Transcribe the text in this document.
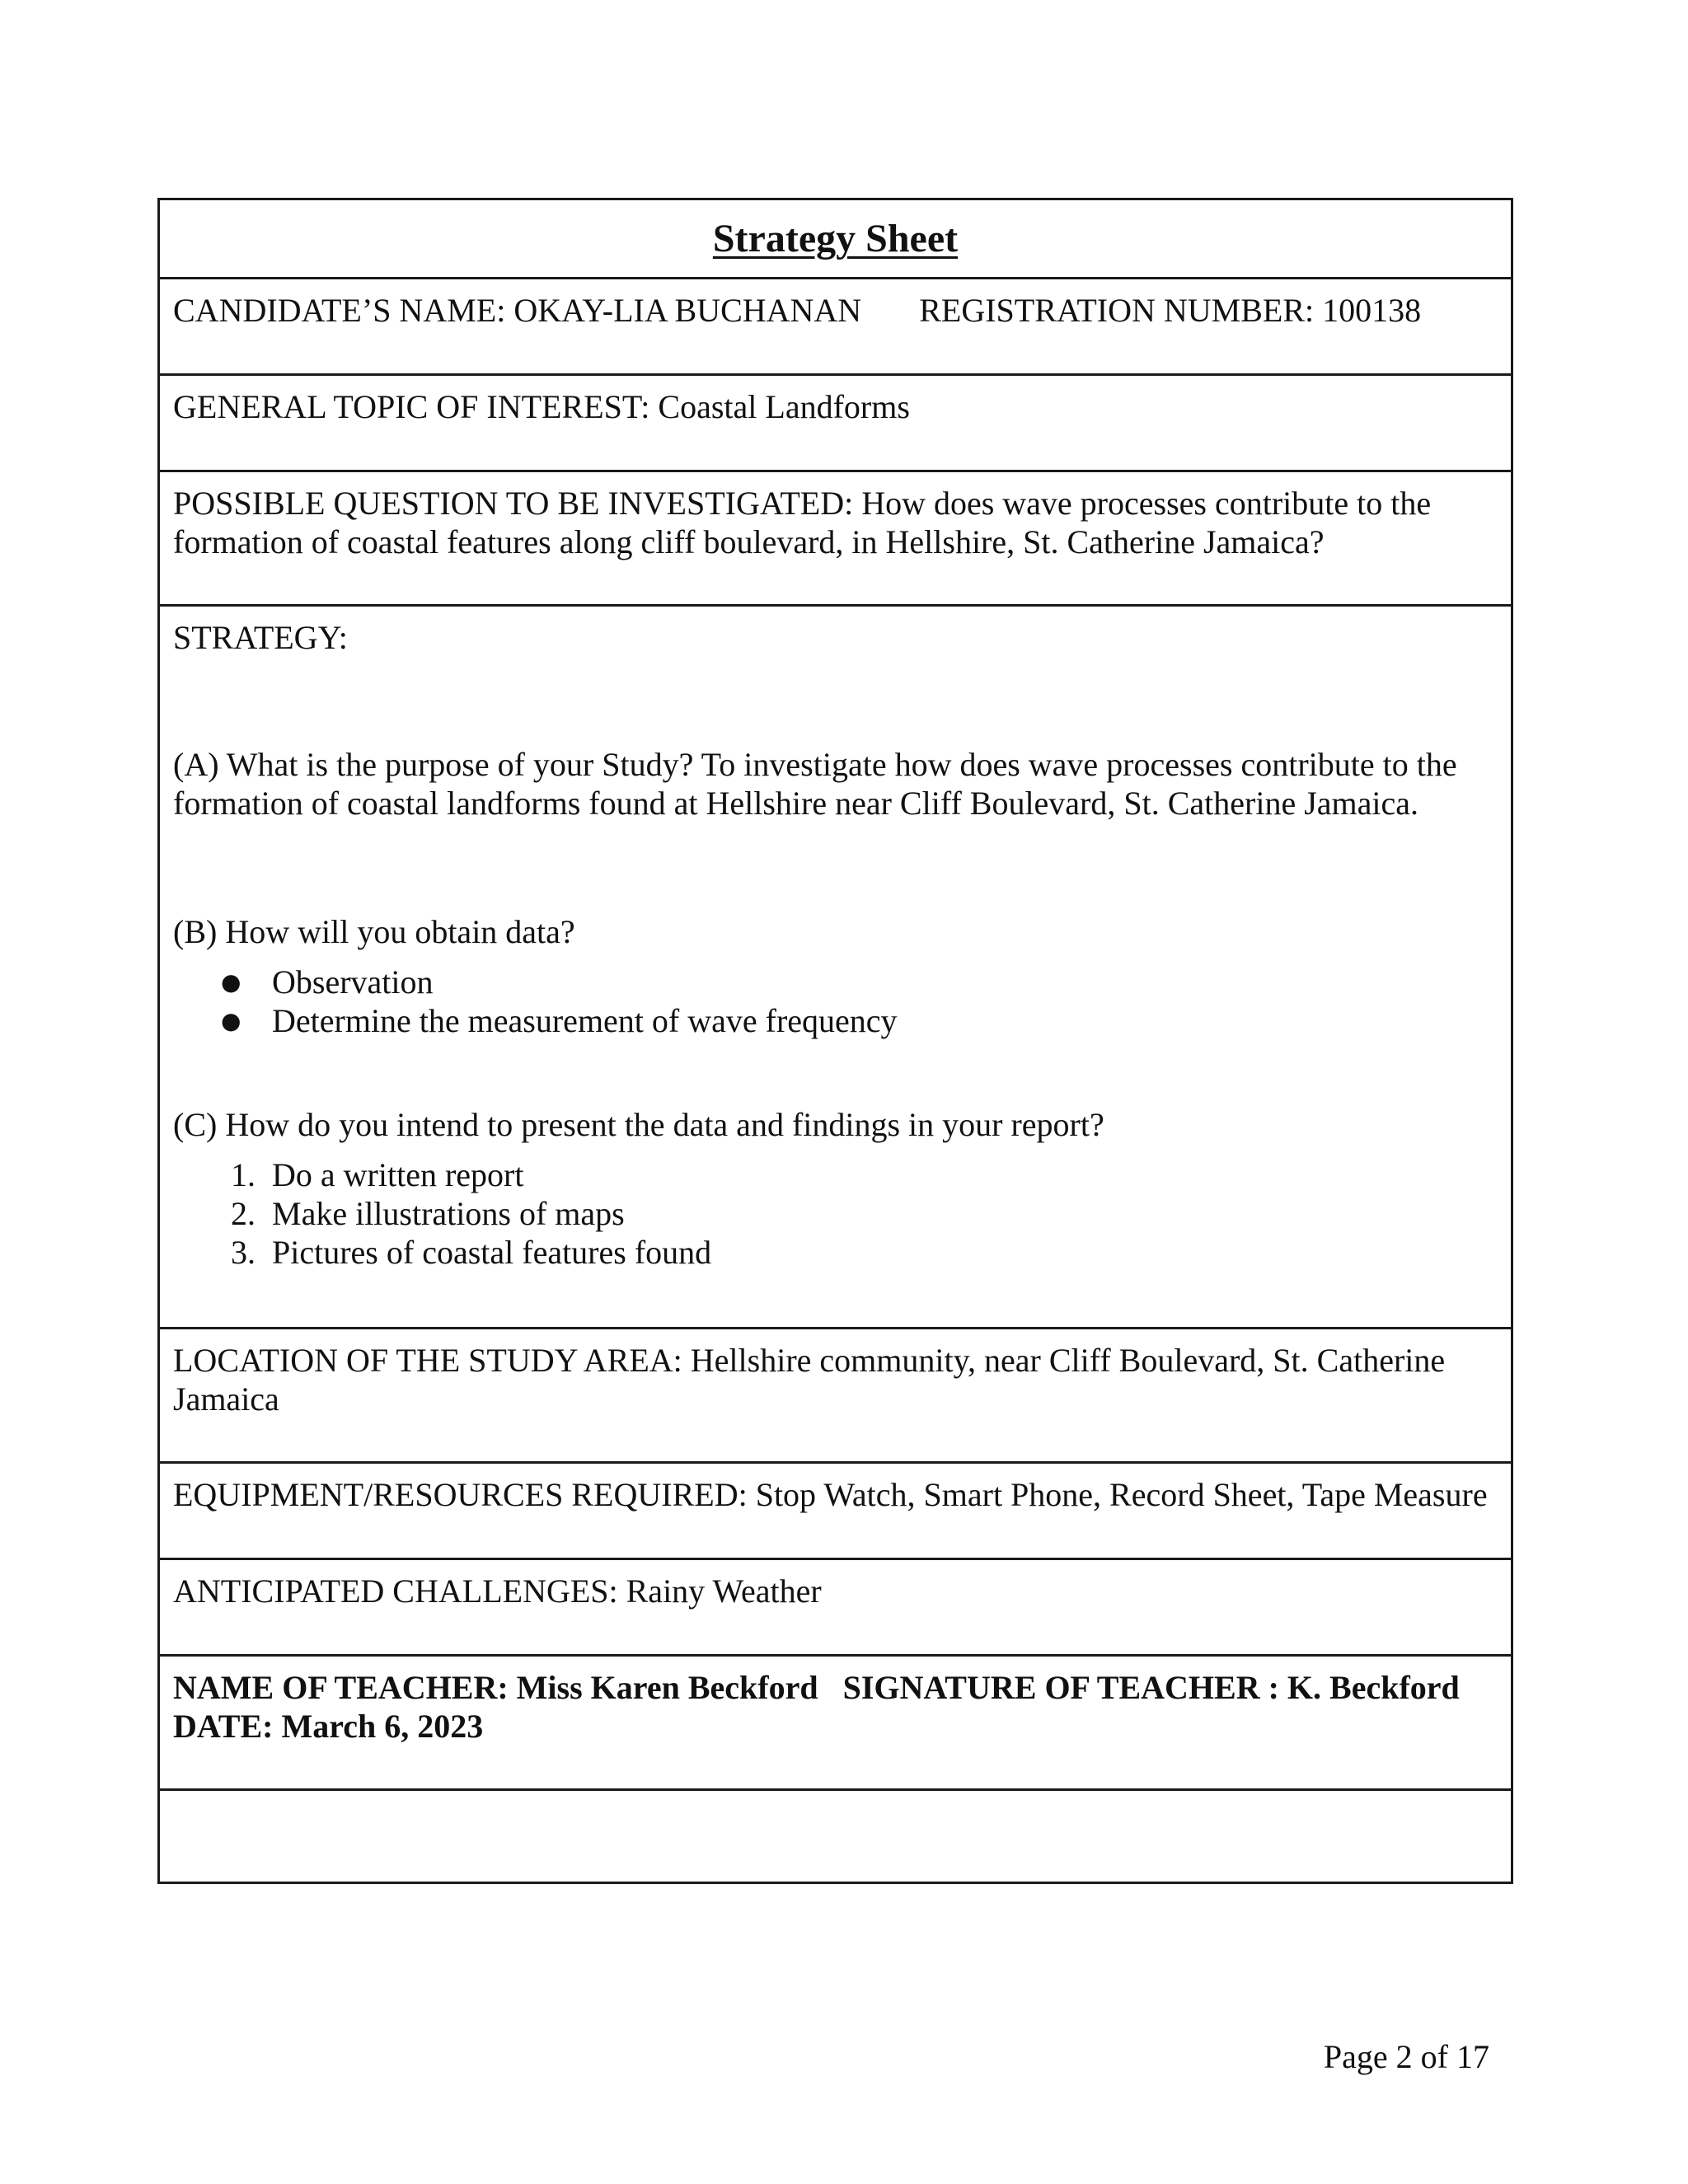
Strategy Sheet
CANDIDATE’S NAME: OKAY-LIA BUCHANAN REGISTRATION NUMBER: 100138
GENERAL TOPIC OF INTEREST: Coastal Landforms
POSSIBLE QUESTION TO BE INVESTIGATED: How does wave processes contribute to the formation of coastal features along cliff boulevard, in Hellshire, St. Catherine Jamaica?

STRATEGY:

(A) What is the purpose of your Study? To investigate how does wave processes contribute to the formation of coastal landforms found at Hellshire near Cliff Boulevard, St. Catherine Jamaica.

(B) How will you obtain data?

● Observation
● Determine the measurement of wave frequency

(C) How do you intend to present the data and findings in your report?

1. Do a written report
2. Make illustrations of maps
3. Pictures of coastal features found
LOCATION OF THE STUDY AREA: Hellshire community, near Cliff Boulevard, St. Catherine Jamaica
EQUIPMENT/RESOURCES REQUIRED: Stop Watch, Smart Phone, Record Sheet, Tape Measure
ANTICIPATED CHALLENGES: Rainy Weather
NAME OF TEACHER: Miss Karen Beckford SIGNATURE OF TEACHER : K. Beckford
DATE: March 6, 2023
Page 2 of 17
